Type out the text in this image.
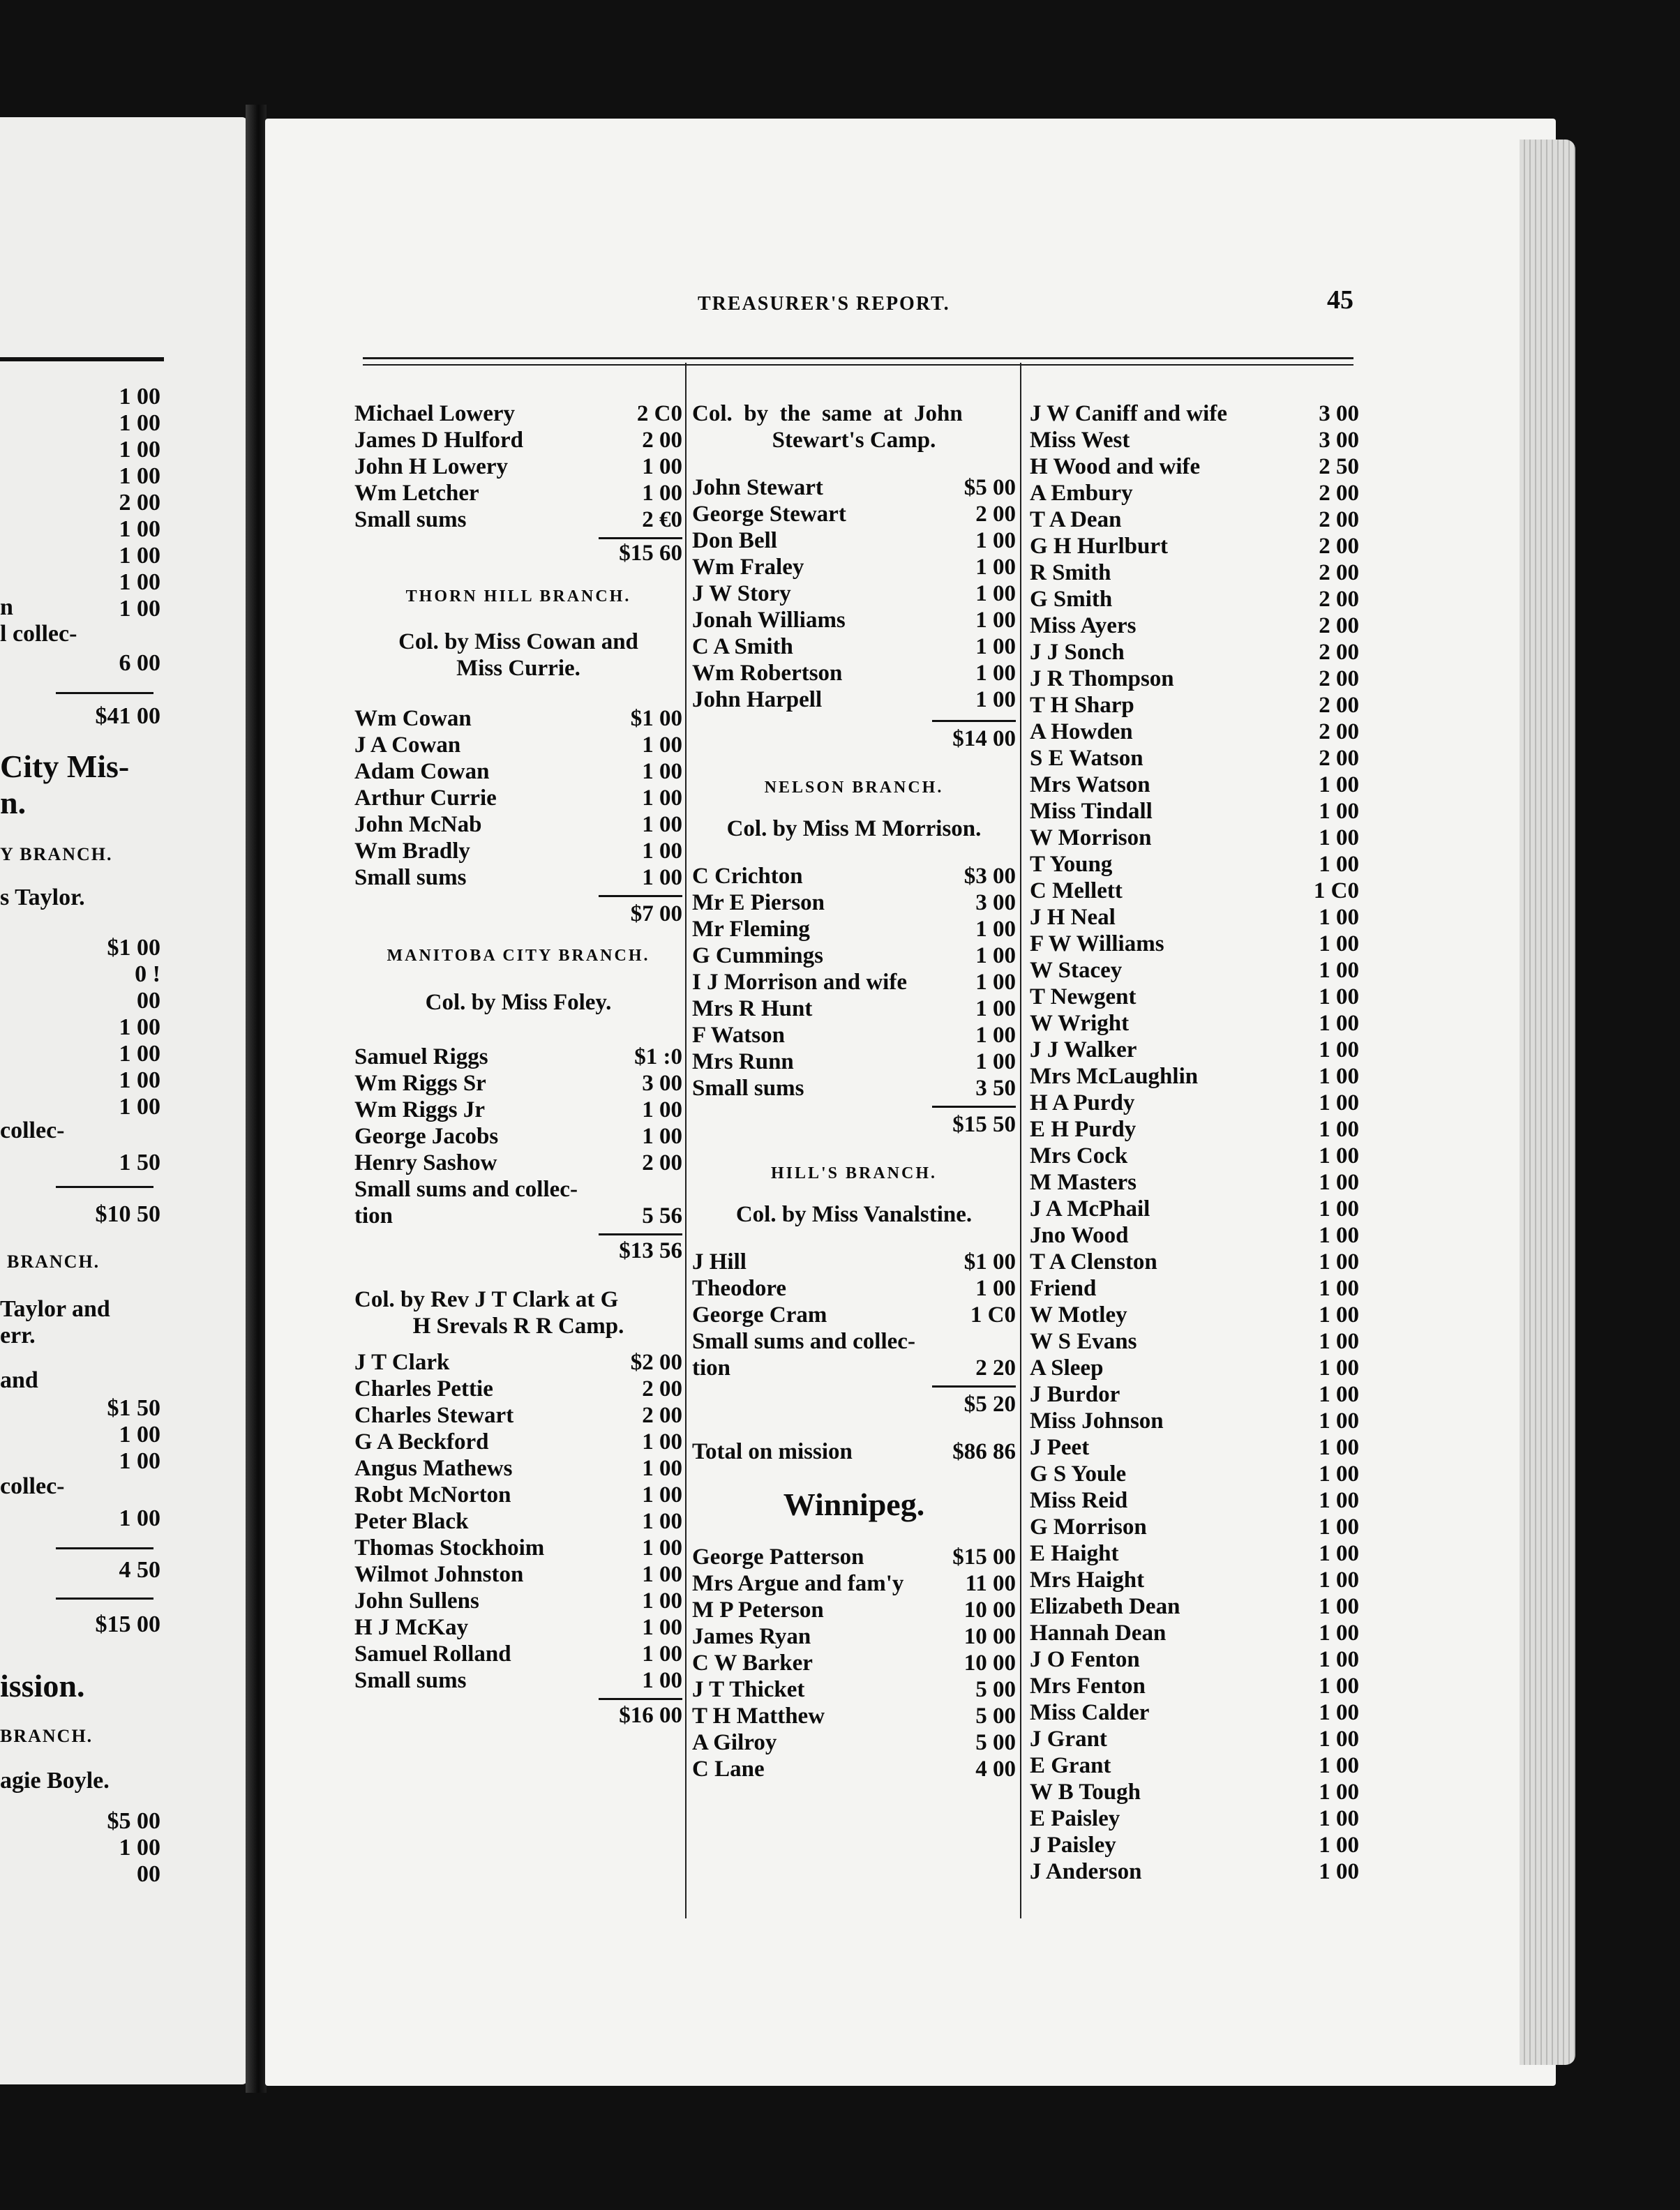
1 00
1 00
1 00
1 00
2 00
1 00
1 00
1 00
1 00
n
l collec-
6 00
$41 00
City Mis-
n.
Y BRANCH.
s Taylor.
$1 00
0 !
00
1 00
1 00
1 00
1 00
collec-
1 50
$10 50
BRANCH.
Taylor and
err.
and
$1 50
1 00
1 00
collec-
1 00
4 50
$15 00
ission.
BRANCH.
agie Boyle.
$5 00
1 00
00
TREASURER'S REPORT.	45
Michael Lowery	2 C0
James D Hulford	2 00
John H Lowery	1 00
Wm Letcher	1 00
Small sums	2 €0
$15 60
THORN HILL BRANCH.
Col. by Miss Cowan and
Miss Currie.
Wm Cowan	$1 00
J A Cowan	1 00
Adam Cowan	1 00
Arthur Currie	1 00
John McNab	1 00
Wm Bradly	1 00
Small sums	1 00
$7 00
MANITOBA CITY BRANCH.
Col. by Miss Foley.
Samuel Riggs	$1 :0
Wm Riggs Sr	3 00
Wm Riggs Jr	1 00
George Jacobs	1 00
Henry Sashow	2 00
Small sums and collec-
tion	5 56
$13 56
Col. by Rev J T Clark at G
H Srevals R R Camp.
J T Clark	$2 00
Charles Pettie	2 00
Charles Stewart	2 00
G A Beckford	1 00
Angus Mathews	1 00
Robt McNorton	1 00
Peter Black	1 00
Thomas Stockhoim	1 00
Wilmot Johnston	1 00
John Sullens	1 00
H J McKay	1 00
Samuel Rolland	1 00
Small sums	1 00
$16 00
Col.  by  the  same  at  John
Stewart's Camp.
John Stewart	$5 00
George Stewart	2 00
Don Bell	1 00
Wm Fraley	1 00
J W Story	1 00
Jonah Williams	1 00
C A Smith	1 00
Wm Robertson	1 00
John Harpell	1 00
$14 00
NELSON BRANCH.
Col. by Miss M Morrison.
C Crichton	$3 00
Mr E Pierson	3 00
Mr Fleming	1 00
G Cummings	1 00
I J Morrison and wife	1 00
Mrs R Hunt	1 00
F Watson	1 00
Mrs Runn	1 00
Small sums	3 50
$15 50
HILL'S BRANCH.
Col. by Miss Vanalstine.
J Hill	$1 00
Theodore	1 00
George Cram	1 C0
Small sums and collec-
tion	2 20
$5 20
Total on mission	$86 86
Winnipeg.
George Patterson	$15 00
Mrs Argue and fam'y	11 00
M P Peterson	10 00
James Ryan	10 00
C W Barker	10 00
J T Thicket	5 00
T H Matthew	5 00
A Gilroy	5 00
C Lane	4 00
J W Caniff and wife	3 00
Miss West	3 00
H Wood and wife	2 50
A Embury	2 00
T A Dean	2 00
G H Hurlburt	2 00
R Smith	2 00
G Smith	2 00
Miss Ayers	2 00
J J Sonch	2 00
J R Thompson	2 00
T H Sharp	2 00
A Howden	2 00
S E Watson	2 00
Mrs Watson	1 00
Miss Tindall	1 00
W Morrison	1 00
T Young	1 00
C Mellett	1 C0
J H Neal	1 00
F W Williams	1 00
W Stacey	1 00
T Newgent	1 00
W Wright	1 00
J J Walker	1 00
Mrs McLaughlin	1 00
H A Purdy	1 00
E H Purdy	1 00
Mrs Cock	1 00
M Masters	1 00
J A McPhail	1 00
Jno Wood	1 00
T A Clenston	1 00
Friend	1 00
W Motley	1 00
W S Evans	1 00
A Sleep	1 00
J Burdor	1 00
Miss Johnson	1 00
J Peet	1 00
G S Youle	1 00
Miss Reid	1 00
G Morrison	1 00
E Haight	1 00
Mrs Haight	1 00
Elizabeth Dean	1 00
Hannah Dean	1 00
J O Fenton	1 00
Mrs Fenton	1 00
Miss Calder	1 00
J Grant	1 00
E Grant	1 00
W B Tough	1 00
E Paisley	1 00
J Paisley	1 00
J Anderson	1 00
